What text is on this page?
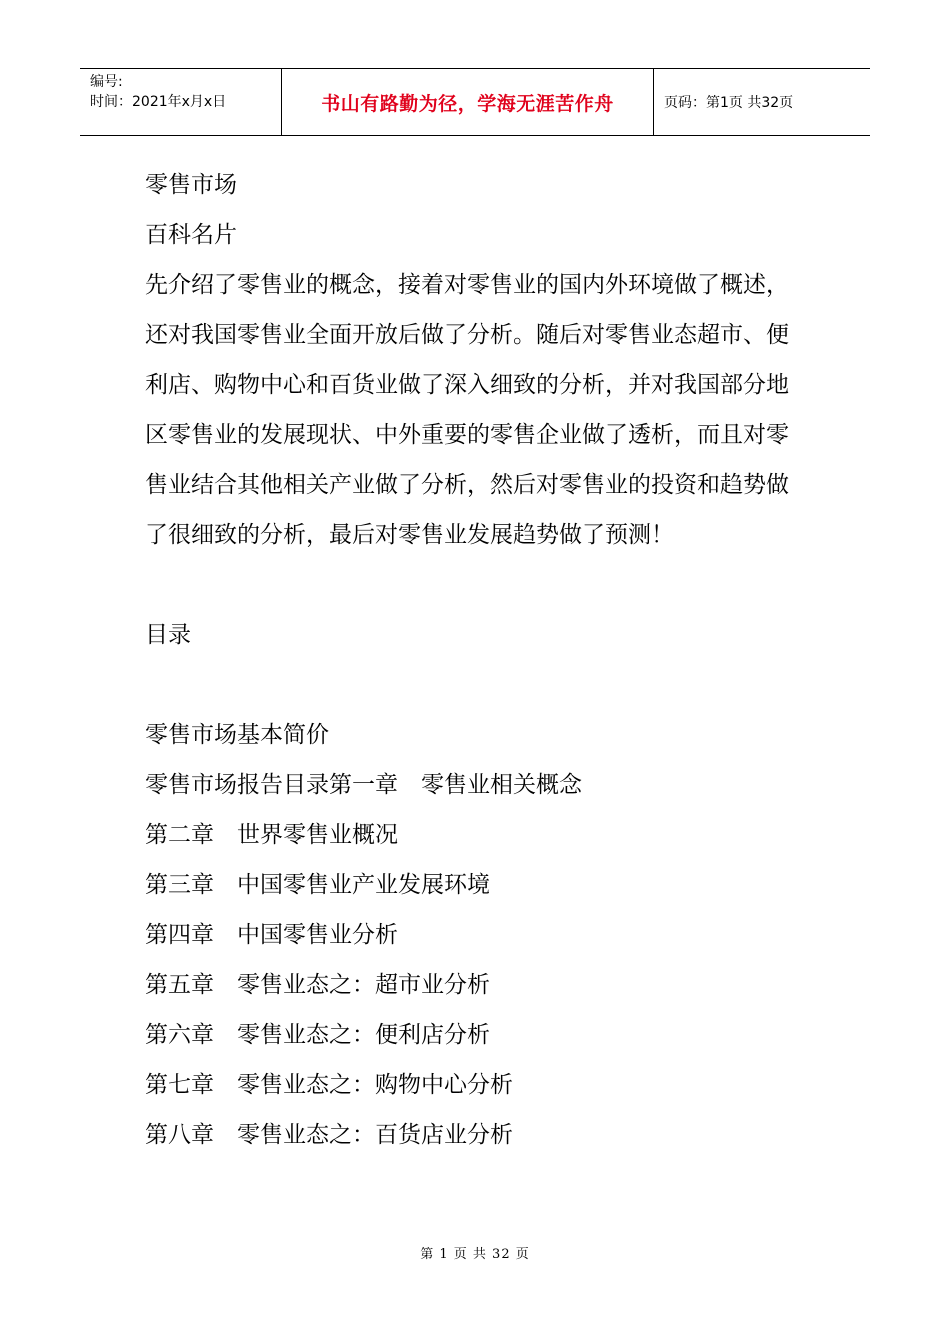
编号:
时间：2021年x月x日	书山有路勤为径，学海无涯苦作舟	页码：第1页 共32页

零售市场

百科名片

先介绍了零售业的概念，接着对零售业的国内外环境做了概述，还对我国零售业全面开放后做了分析。随后对零售业态超市、便利店、购物中心和百货业做了深入细致的分析，并对我国部分地区零售业的发展现状、中外重要的零售企业做了透析，而且对零售业结合其他相关产业做了分析，然后对零售业的投资和趋势做了很细致的分析，最后对零售业发展趋势做了预测！

目录

零售市场基本简价

零售市场报告目录第一章　零售业相关概念

第二章　世界零售业概况

第三章　中国零售业产业发展环境

第四章　中国零售业分析

第五章　零售业态之：超市业分析

第六章　零售业态之：便利店分析

第七章　零售业态之：购物中心分析

第八章　零售业态之：百货店业分析

第 1 页 共 32 页
